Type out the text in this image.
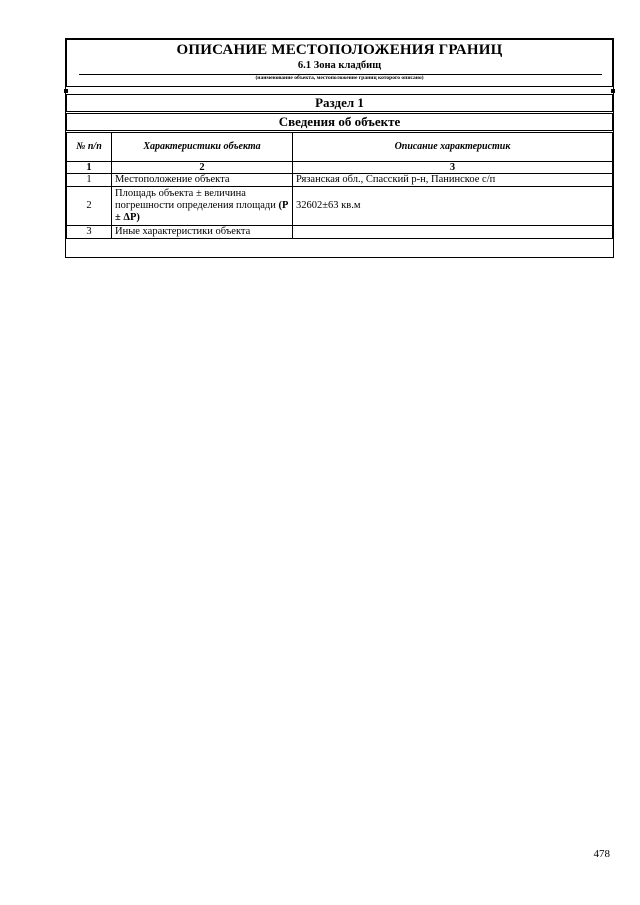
ОПИСАНИЕ МЕСТОПОЛОЖЕНИЯ ГРАНИЦ
6.1 Зона кладбищ
(наименование объекта, местоположение границ которого описано)
Раздел 1
Сведения об объекте
№ п/п	Характеристики объекта	Описание характеристик
1	2	3
1	Местоположение объекта	Рязанская обл., Спасский р-н, Панинское с/п
2	Площадь объекта ± величина погрешности определения площади (P ± ΔP)	32602±63 кв.м
3	Иные характеристики объекта	
478
